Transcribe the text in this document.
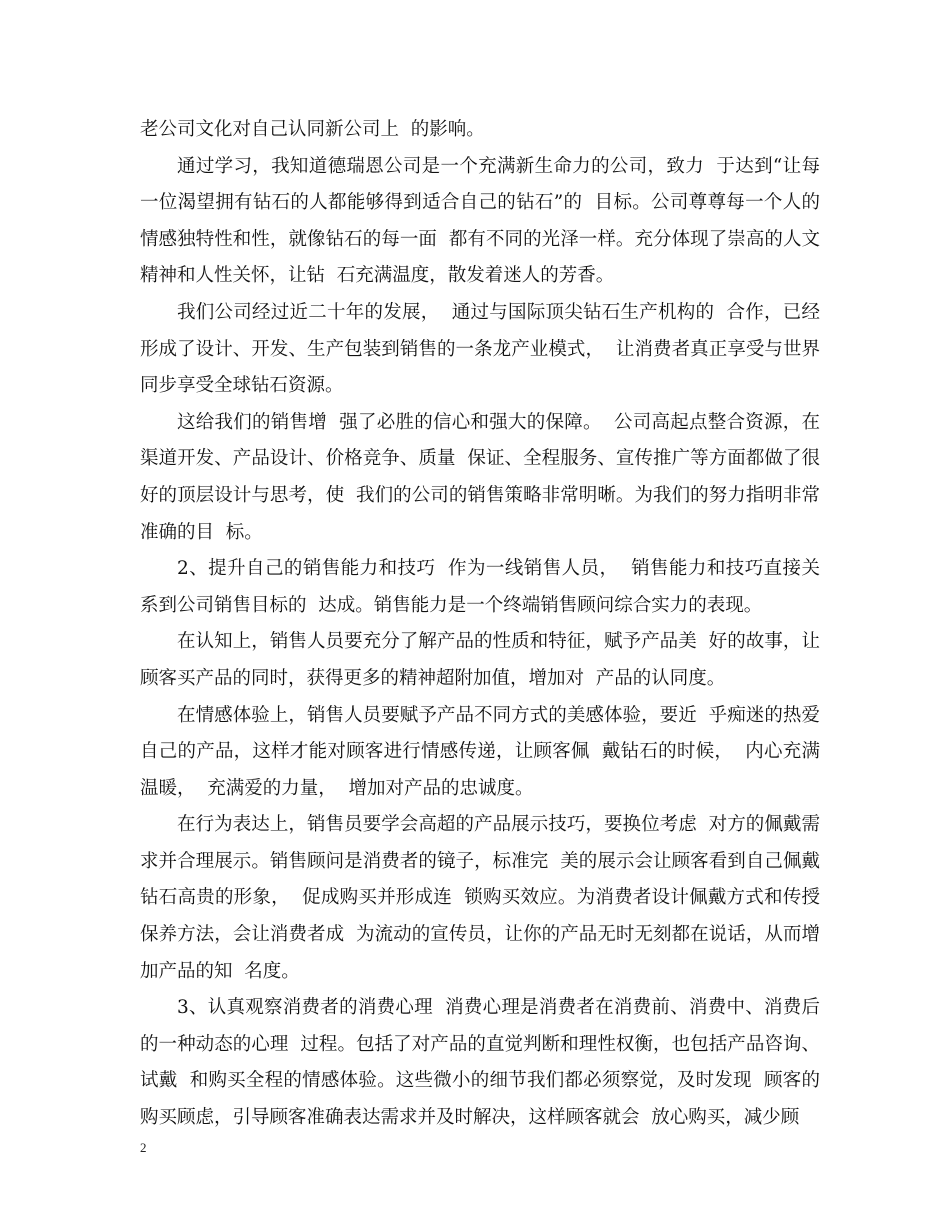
老公司文化对自己认同新公司上  的影响。

通过学习，我知道德瑞恩公司是一个充满新生命力的公司，致力  于达到“让每一位渴望拥有钻石的人都能够得到适合自己的钻石”的  目标。公司尊尊每一个人的情感独特性和性，就像钻石的每一面  都有不同的光泽一样。充分体现了崇高的人文精神和人性关怀，让钻  石充满温度，散发着迷人的芳香。

我们公司经过近二十年的发展，  通过与国际顶尖钻石生产机构的  合作，已经形成了设计、开发、生产包装到销售的一条龙产业模式，  让消费者真正享受与世界同步享受全球钻石资源。

这给我们的销售增  强了必胜的信心和强大的保障。  公司高起点整合资源，在渠道开发、产品设计、价格竞争、质量  保证、全程服务、宣传推广等方面都做了很好的顶层设计与思考，使  我们的公司的销售策略非常明晰。为我们的努力指明非常准确的目  标。

2、提升自己的销售能力和技巧  作为一线销售人员，  销售能力和技巧直接关系到公司销售目标的  达成。销售能力是一个终端销售顾问综合实力的表现。

在认知上，销售人员要充分了解产品的性质和特征，赋予产品美  好的故事，让顾客买产品的同时，获得更多的精神超附加值，增加对  产品的认同度。

在情感体验上，销售人员要赋予产品不同方式的美感体验，要近  乎痴迷的热爱自己的产品，这样才能对顾客进行情感传递，让顾客佩  戴钻石的时候，  内心充满温暖，  充满爱的力量，  增加对产品的忠诚度。

在行为表达上，销售员要学会高超的产品展示技巧，要换位考虑  对方的佩戴需求并合理展示。销售顾问是消费者的镜子，标准完  美的展示会让顾客看到自己佩戴钻石高贵的形象，  促成购买并形成连  锁购买效应。为消费者设计佩戴方式和传授保养方法，会让消费者成  为流动的宣传员，让你的产品无时无刻都在说话，从而增加产品的知  名度。

3、认真观察消费者的消费心理  消费心理是消费者在消费前、消费中、消费后的一种动态的心理  过程。包括了对产品的直觉判断和理性权衡，也包括产品咨询、试戴  和购买全程的情感体验。这些微小的细节我们都必须察觉，及时发现  顾客的购买顾虑，引导顾客准确表达需求并及时解决，这样顾客就会  放心购买，减少顾

2
